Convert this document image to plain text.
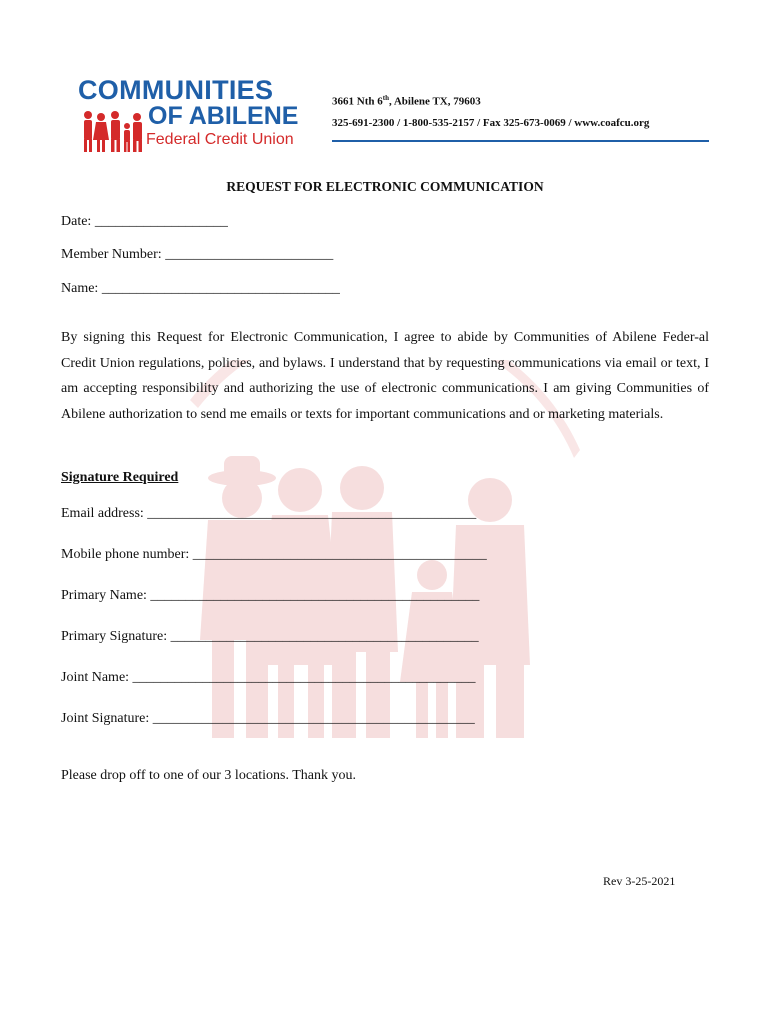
COMMUNITIES
OF ABILENE
Federal Credit Union
3661 Nth 6th, Abilene TX, 79603
325-691-2300 / 1-800-535-2157 / Fax 325-673-0069 / www.coafcu.org
REQUEST FOR ELECTRONIC COMMUNICATION
Date: ___________________
Member Number: ________________________
Name: __________________________________
By signing this Request for Electronic Communication, I agree to abide by Communities of Abilene Feder-al Credit Union regulations, policies, and bylaws. I understand that by requesting communications via email or text, I am accepting responsibility and authorizing the use of electronic communications. I am giving Communities of Abilene authorization to send me emails or texts for important communications and or marketing materials.
Signature Required
Email address: _______________________________________________
Mobile phone number: __________________________________________
Primary Name: _______________________________________________
Primary Signature: ____________________________________________
Joint Name: _________________________________________________
Joint Signature: ______________________________________________
Please drop off to one of our 3 locations. Thank you.
Rev 3-25-2021
